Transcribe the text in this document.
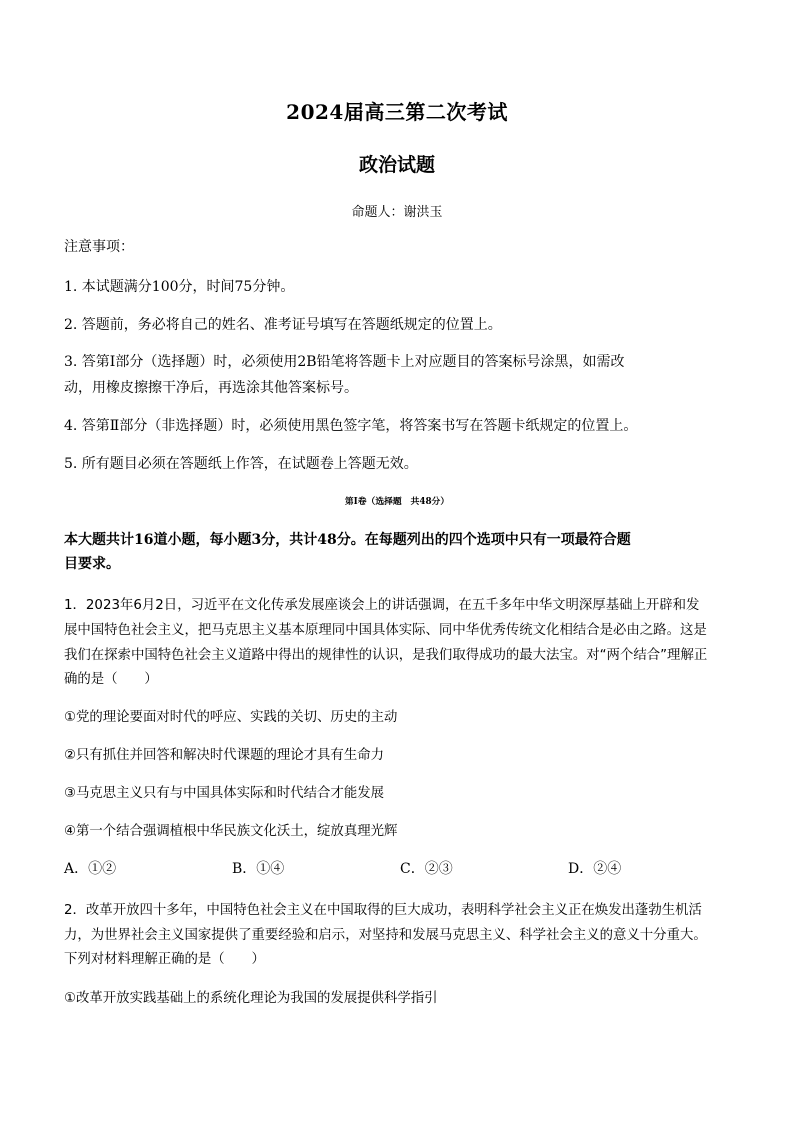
2024届高三第二次考试
政治试题
命题人：谢洪玉
注意事项：
1. 本试题满分100分，时间75分钟。
2. 答题前，务必将自己的姓名、准考证号填写在答题纸规定的位置上。
3. 答第Ⅰ部分（选择题）时，必须使用2B铅笔将答题卡上对应题目的答案标号涂黑，如需改
动，用橡皮擦擦干净后，再选涂其他答案标号。
4. 答第Ⅱ部分（非选择题）时，必须使用黑色签字笔，将答案书写在答题卡纸规定的位置上。
5. 所有题目必须在答题纸上作答，在试题卷上答题无效。
第Ⅰ卷（选择题　共48分）
本大题共计16道小题，每小题3分，共计48分。在每题列出的四个选项中只有一项最符合题
目要求。
1．2023年6月2日，习近平在文化传承发展座谈会上的讲话强调，在五千多年中华文明深厚基础上开辟和发
展中国特色社会主义，把马克思主义基本原理同中国具体实际、同中华优秀传统文化相结合是必由之路。这是
我们在探索中国特色社会主义道路中得出的规律性的认识，是我们取得成功的最大法宝。对“两个结合”理解正
确的是（　　）
①党的理论要面对时代的呼应、实践的关切、历史的主动
②只有抓住并回答和解决时代课题的理论才具有生命力
③马克思主义只有与中国具体实际和时代结合才能发展
④第一个结合强调植根中华民族文化沃土，绽放真理光辉
A．①②	B．①④	C．②③	D．②④
2．改革开放四十多年，中国特色社会主义在中国取得的巨大成功，表明科学社会主义正在焕发出蓬勃生机活
力，为世界社会主义国家提供了重要经验和启示，对坚持和发展马克思主义、科学社会主义的意义十分重大。
下列对材料理解正确的是（　　）
①改革开放实践基础上的系统化理论为我国的发展提供科学指引
